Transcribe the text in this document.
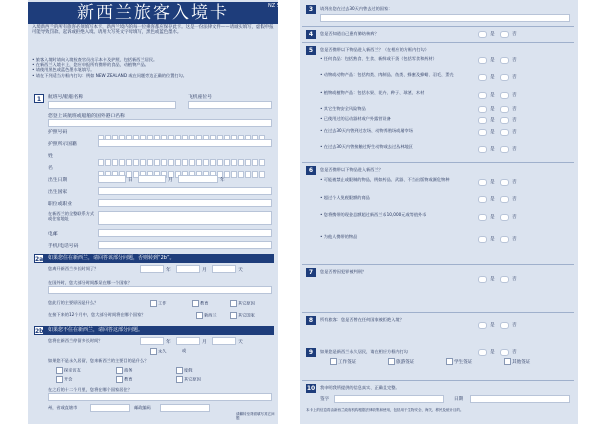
新西兰旅客入境卡	NZ 501
入境新西兰的所有旅客必须填写本卡，新西兰境内的每一位乘客都应保存此卡。这是一份法律文件——请诚实填写，虚假申报可能导致罚款、起诉或拒绝入境。请用大写英文字母填写，黑色或蓝色墨水。
• 旅客入境时请向入境检查官员出示本卡及护照，包括新西兰居民。
• 在新西兰入境卡上，您应申报所有携带的食品，动植物产品。
• 请使用黑色或蓝色墨水笔填写。
• 请在下列适当方框内打勾：例如 NEW ZEALAND 或在问题旁边正确的位置打勾。
1	航班号/船舶名称	飞机座位号
您登上该航班或船舶的国外港口名称
护照号码
护照所示国籍
姓
名
出生日期	日	月	年
出生国家
职位或职业
在新西兰的全整联系方式或住宿地址
电邮
手机/电话号码
如果您住在新西兰，请回答该部分问题，否则转到“2b”。
2a
您离开新西兰多长时间了？	年	月	天
在国外时，您大部分时间都呆在哪一个国家？
您此行的主要原因是什么？	工作	教育	其它原因
在接下来的12个月中，您大部分时间将在哪个国家？	新西兰	其它国家
如果您不住在新西兰，请回答这部分问题。
2b
您将在新西兰停留多长时间？	年	月	天
永久	或
如果您不是永久居留，您来新西兰的主要目的是什么？
探亲访友	商务	度假
开会	教育	其它原因
在之后的十二个月里，您将在哪个国家居住？
州，省或直辖市	邮政编码
请翻转至背面填写其它问题
3	请列出您在过去30天内曾去过的国家：
4	您是否知道自己患有肺结核病？	是	否
5	您是否携带以下物品进入新西兰？（在相应的方框内打勾）
• 任何食品：包括熟食、生食、新鲜或干货（包括零食和药材）	是	否
• 动物或动物产品：包括肉类、肉制品、鱼类、蜂蜜及蜂蜡、羽毛、蛋壳
是	否
• 植物或植物产品：包括水果、花卉、种子、球茎、木材
是	否
• 其它生物安全风险物品	是	否
• 已使用过的运动器材或户外露营设备	是	否
• 在过去30天内曾到过农场、动物养殖场或屠宰场	是	否
• 在过去30天内曾接触过野生动物或去过丛林地区
是	否
6	您是否携带以下物品进入新西兰？
• 可能被禁止或限制的物品，例如药品、武器、不当出版物或濒危物种
是	否
• 超过个人免税限额的商品	是	否
• 您将携带的现金总额超过新西兰币10,000元或等值外币
是	否
• 为他人携带的物品
是	否
7	您是否曾因犯罪被判刑？
是	否
8	所有旅客：您是否曾在任何国家被拒绝入境？
是	否
9	如果您是新西兰永久居民，请在相应方框内打勾	是	否
工作签证	旅游签证	学生签证	其他签证
10 我申明我所提供的信息真实、正确且完整。
签字	日期
本卡上的信息将由新西兰政府机构根据法律收集和使用，包括用于生物安全、海关、移民及统计目的。
